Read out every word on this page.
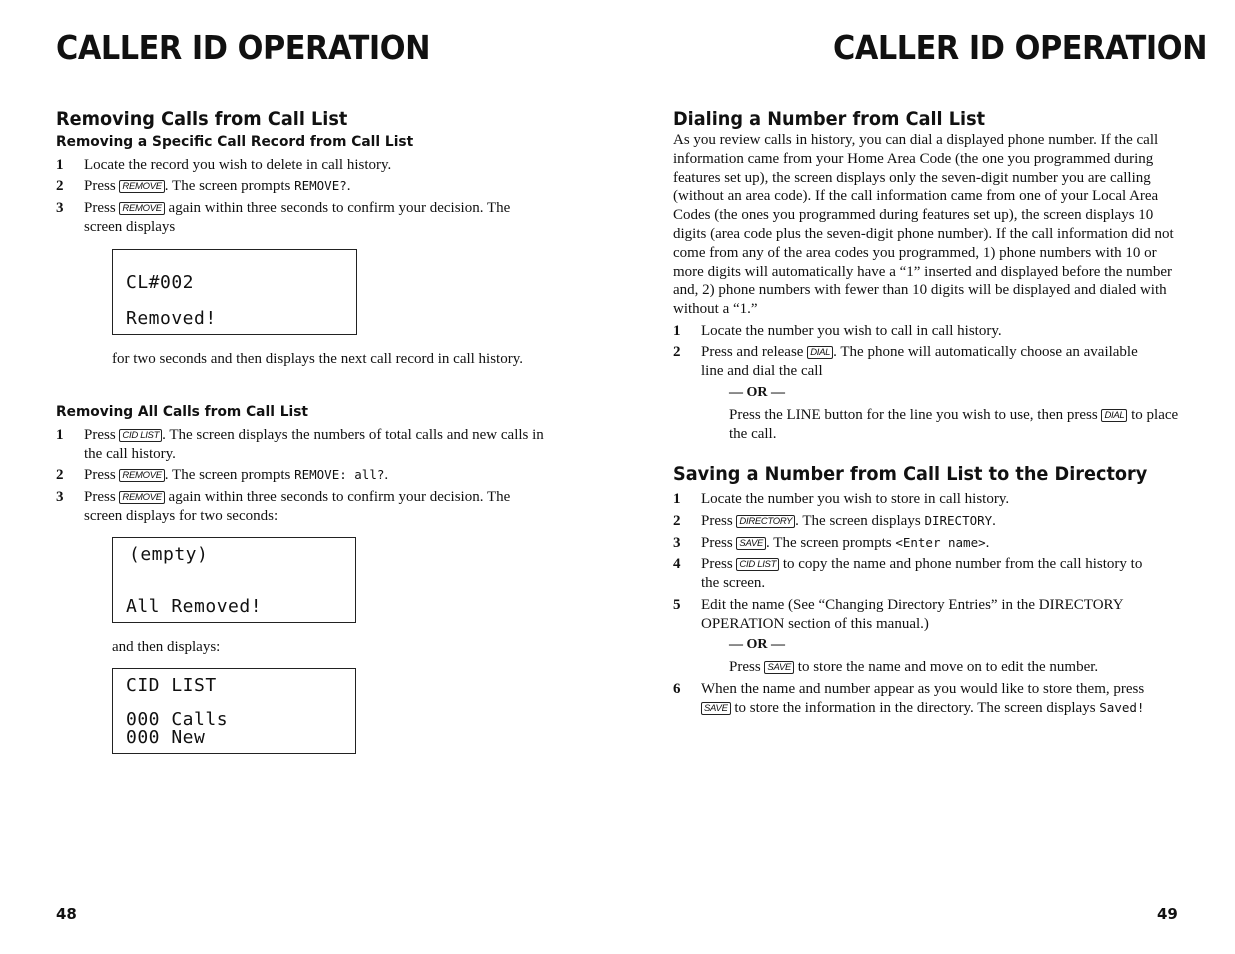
CALLER ID OPERATION
Removing Calls from Call List
Removing a Specific Call Record from Call List
1	Locate the record you wish to delete in call history.
2	Press REMOVE . The screen prompts REMOVE?.
3	Press REMOVE again within three seconds to confirm your decision. The screen displays
CL#002
Removed!

for two seconds and then displays the next call record in call history.

Removing All Calls from Call List
1	Press CID LIST . The screen displays the numbers of total calls and new calls in the call history.
2	Press REMOVE . The screen prompts REMOVE: all?.
3	Press REMOVE again within three seconds to confirm your decision. The screen displays for two seconds:
(empty)
All Removed!

and then displays:

CID LIST
000 Calls
000 New

48

CALLER ID OPERATION
Dialing a Number from Call List

As you review calls in history, you can dial a displayed phone number. If the call information came from your Home Area Code (the one you programmed during features set up), the screen displays only the seven-digit number you are calling (without an area code). If the call information came from one of your Local Area Codes (the ones you programmed during features set up), the screen displays 10 digits (area code plus the seven-digit phone number). If the call information did not come from any of the area codes you programmed, 1) phone numbers with 10 or more digits will automatically have a “1” inserted and displayed before the number and, 2) phone numbers with fewer than 10 digits will be displayed and dialed with without a “1.”

1	Locate the number you wish to call in call history.
2	Press and release DIAL . The phone will automatically choose an available line and dial the call
— OR —

Press the LINE button for the line you wish to use, then press DIAL to place the call.

Saving a Number from Call List to the Directory
1	Locate the number you wish to store in call history.
2	Press DIRECTORY . The screen displays DIRECTORY.
3	Press SAVE . The screen prompts <Enter name>.
4	Press CID LIST to copy the name and phone number from the call history to the screen.
5	Edit the name (See “Changing Directory Entries” in the DIRECTORY OPERATION section of this manual.)
— OR —

Press SAVE to store the name and move on to edit the number.

6	When the name and number appear as you would like to store them, press SAVE to store the information in the directory. The screen displays Saved!

49
